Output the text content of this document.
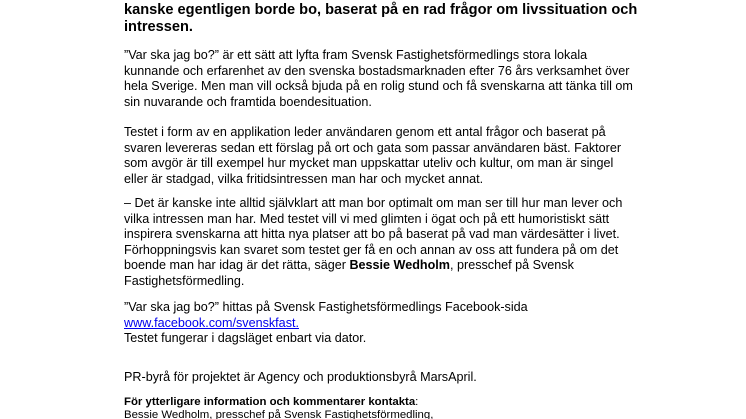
kanske egentligen borde bo, baserat på en rad frågor om livssituation och
intressen.
”Var ska jag bo?” är ett sätt att lyfta fram Svensk Fastighetsförmedlings stora lokala
kunnande och erfarenhet av den svenska bostadsmarknaden efter 76 års verksamhet över
hela Sverige. Men man vill också bjuda på en rolig stund och få svenskarna att tänka till om
sin nuvarande och framtida boendesituation.
Testet i form av en applikation leder användaren genom ett antal frågor och baserat på
svaren levereras sedan ett förslag på ort och gata som passar användaren bäst. Faktorer
som avgör är till exempel hur mycket man uppskattar uteliv och kultur, om man är singel
eller är stadgad, vilka fritidsintressen man har och mycket annat.
– Det är kanske inte alltid självklart att man bor optimalt om man ser till hur man lever och
vilka intressen man har. Med testet vill vi med glimten i ögat och på ett humoristiskt sätt
inspirera svenskarna att hitta nya platser att bo på baserat på vad man värdesätter i livet.
Förhoppningsvis kan svaret som testet ger få en och annan av oss att fundera på om det
boende man har idag är det rätta, säger Bessie Wedholm, presschef på Svensk
Fastighetsförmedling.
”Var ska jag bo?” hittas på Svensk Fastighetsförmedlings Facebook-sida
www.facebook.com/svenskfast.
Testet fungerar i dagsläget enbart via dator.
PR-byrå för projektet är Agency och produktionsbyrå MarsApril.
För ytterligare information och kommentarer kontakta:
Bessie Wedholm, presschef på Svensk Fastighetsförmedling,
